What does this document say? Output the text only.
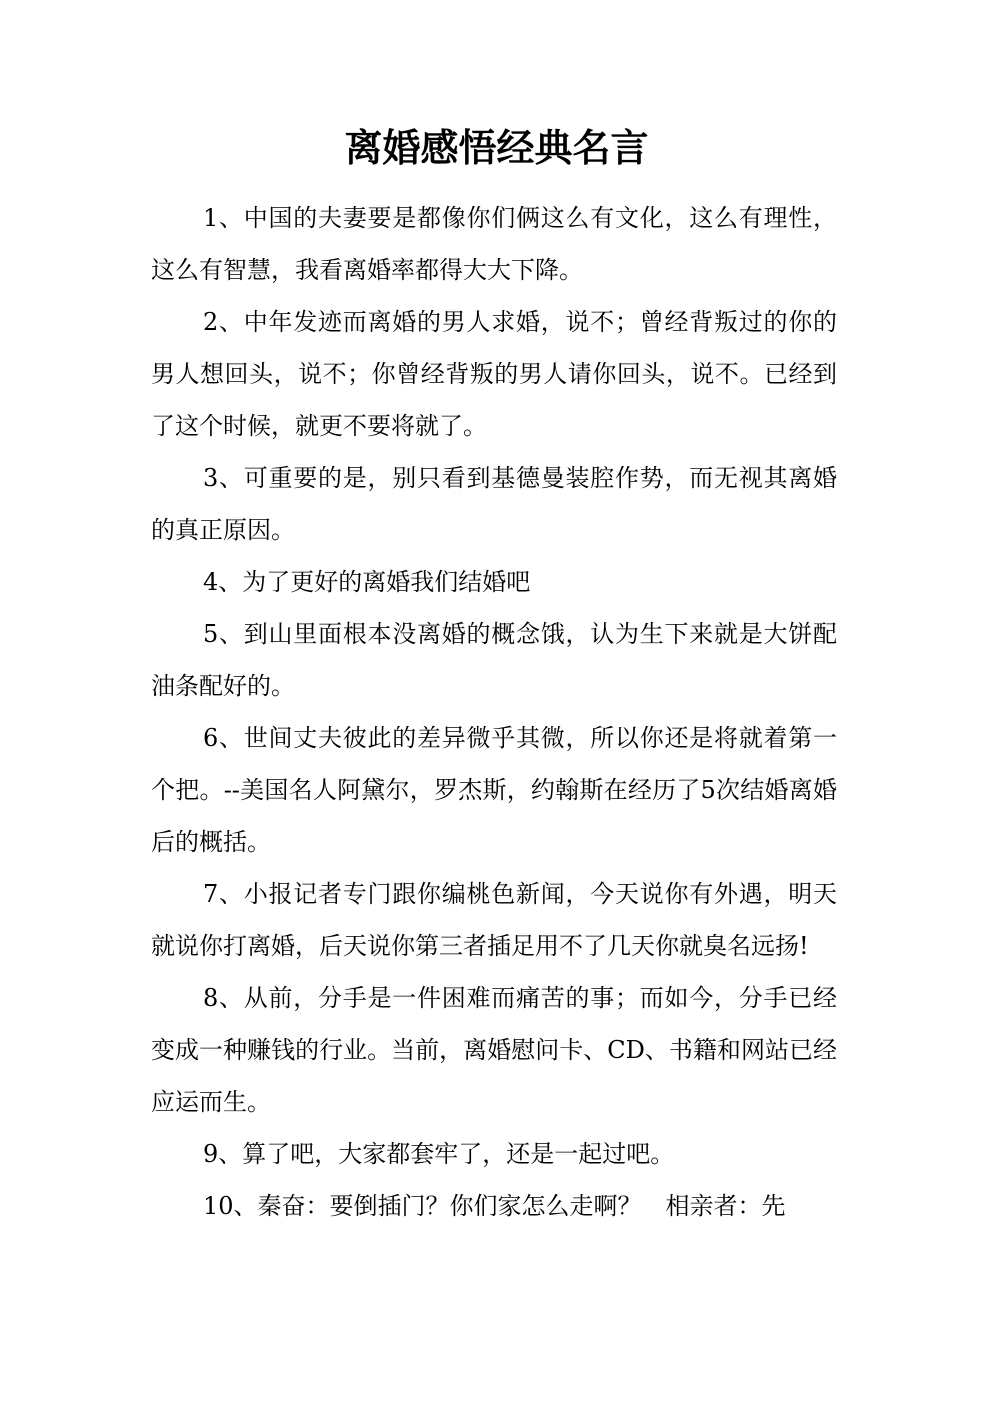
离婚感悟经典名言

1、中国的夫妻要是都像你们俩这么有文化，这么有理性，这么有智慧，我看离婚率都得大大下降。

2、中年发迹而离婚的男人求婚，说不；曾经背叛过的你的男人想回头，说不；你曾经背叛的男人请你回头，说不。已经到了这个时候，就更不要将就了。

3、可重要的是，别只看到基德曼装腔作势，而无视其离婚的真正原因。

4、为了更好的离婚我们结婚吧

5、到山里面根本没离婚的概念饿，认为生下来就是大饼配油条配好的。

6、世间丈夫彼此的差异微乎其微，所以你还是将就着第一个把。--美国名人阿黛尔，罗杰斯，约翰斯在经历了5次结婚离婚后的概括。

7、小报记者专门跟你编桃色新闻，今天说你有外遇，明天就说你打离婚，后天说你第三者插足用不了几天你就臭名远扬!

8、从前，分手是一件困难而痛苦的事；而如今，分手已经变成一种赚钱的行业。当前，离婚慰问卡、CD、书籍和网站已经应运而生。

9、算了吧，大家都套牢了，还是一起过吧。

10、秦奋：要倒插门？你们家怎么走啊？　相亲者：先
